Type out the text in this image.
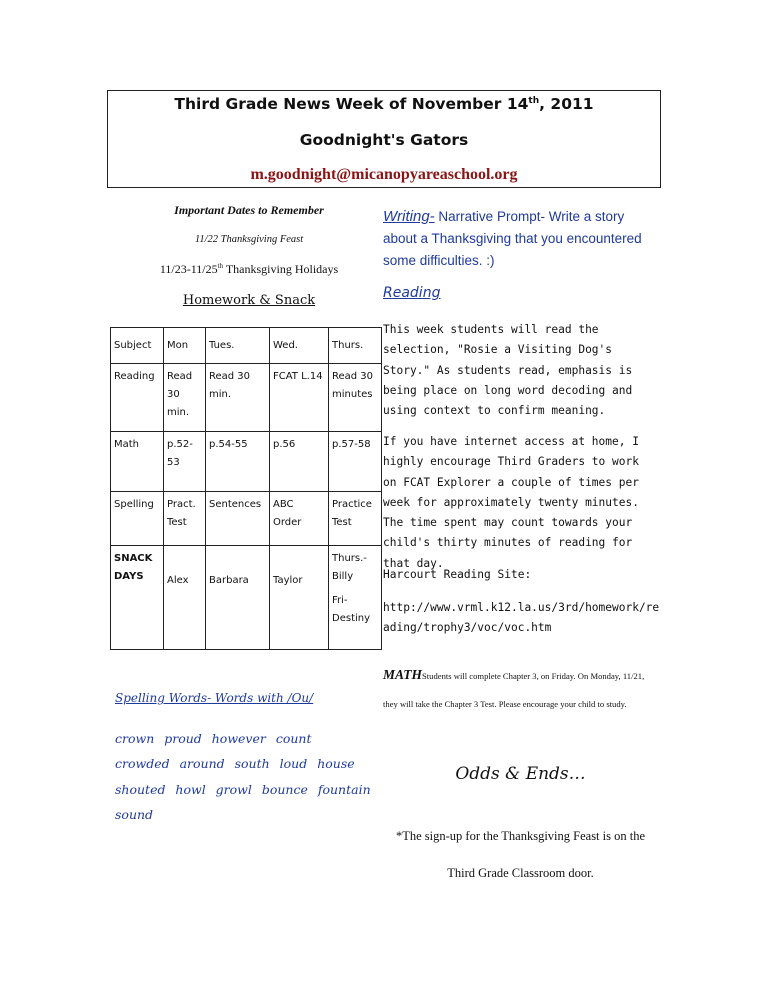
Third Grade News Week of November 14th, 2011
Goodnight's Gators
m.goodnight@micanopyareaschool.org
Important Dates to Remember
11/22 Thanksgiving Feast
11/23-11/25th Thanksgiving Holidays
Homework & Snack
Subject	Mon	Tues.	Wed.	Thurs.
Reading	Read 30 min.	Read 30 min.	FCAT L.14	Read 30 minutes
Math	p.52-53	p.54-55	p.56	p.57-58
Spelling	Pract. Test	Sentences	ABC Order	Practice Test
SNACK DAYS	Alex	Barbara	Taylor	Thurs.-Billy
Fri-Destiny
Spelling Words- Words with /Ou/
crown proud however count
crowded around south loud house
shouted howl growl bounce fountain
sound
Writing- Narrative Prompt- Write a story about a Thanksgiving that you encountered some difficulties. :)
Reading
This week students will read the selection, "Rosie a Visiting Dog's Story." As students read, emphasis is being place on long word decoding and using context to confirm meaning.
If you have internet access at home, I highly encourage Third Graders to work on FCAT Explorer a couple of times per week for approximately twenty minutes. The time spent may count towards your child's thirty minutes of reading for that day.
Harcourt Reading Site:
http://www.vrml.k12.la.us/3rd/homework/reading/trophy3/voc/voc.htm
MATHStudents will complete Chapter 3, on Friday. On Monday, 11/21, they will take the Chapter 3 Test. Please encourage your child to study.
Odds & Ends…
*The sign-up for the Thanksgiving Feast is on the Third Grade Classroom door.
